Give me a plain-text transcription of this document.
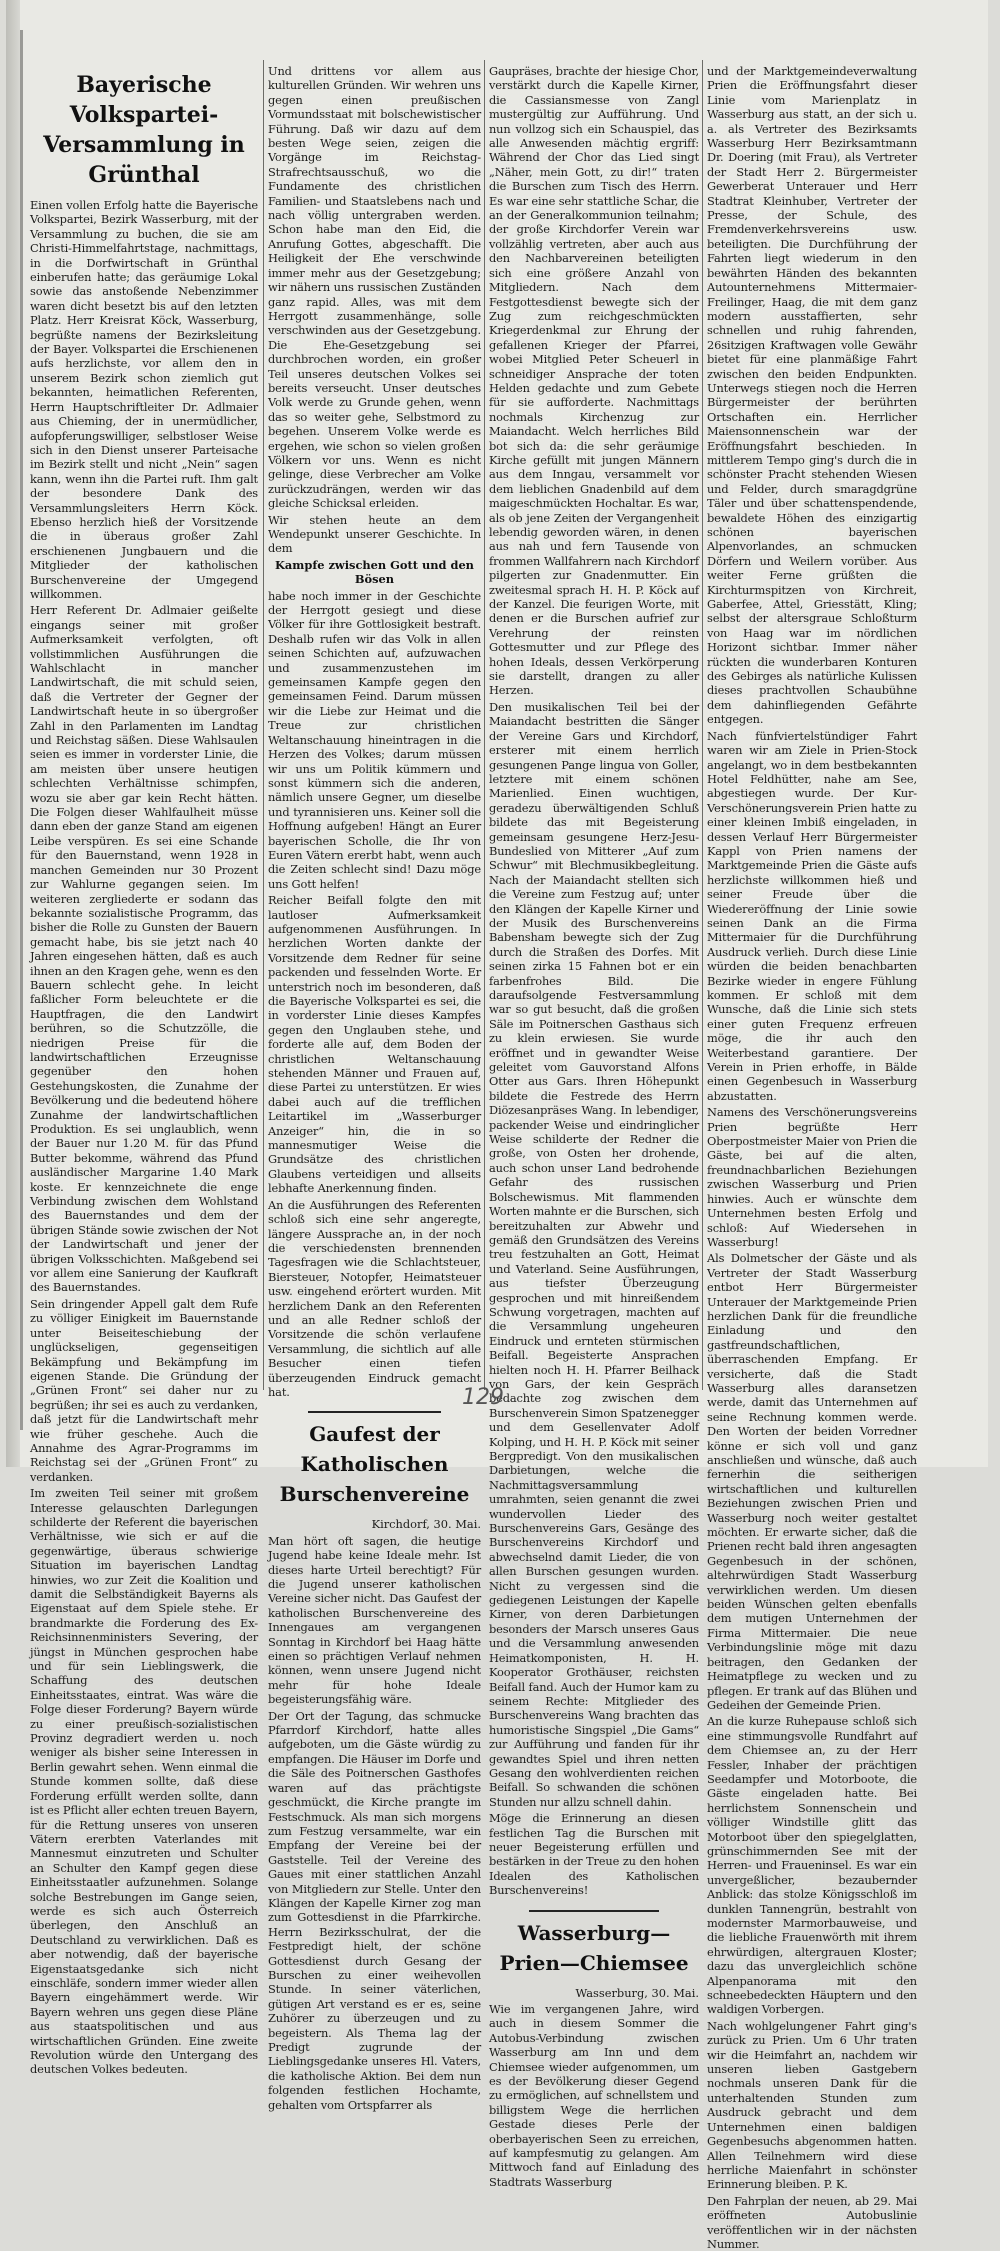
Bayerische Volkspartei-Versammlung in Grünthal

Einen vollen Erfolg hatte die Bayerische Volkspartei, Bezirk Wasserburg, mit der Versammlung zu buchen, die sie am Christi-Himmelfahrtstage, nachmittags, in die Dorfwirtschaft in Grünthal einberufen hatte; das geräumige Lokal sowie das anstoßende Nebenzimmer waren dicht besetzt bis auf den letzten Platz. Herr Kreisrat Köck, Wasserburg, begrüßte namens der Bezirksleitung der Bayer. Volkspartei die Erschienenen aufs herzlichste, vor allem den in unserem Bezirk schon ziemlich gut bekannten, heimatlichen Referenten, Herrn Hauptschriftleiter Dr. Adlmaier aus Chieming, der in unermüdlicher, aufopferungswilliger, selbstloser Weise sich in den Dienst unserer Parteisache im Bezirk stellt und nicht „Nein“ sagen kann, wenn ihn die Partei ruft. Ihm galt der besondere Dank des Versammlungsleiters Herrn Köck. Ebenso herzlich hieß der Vorsitzende die in überaus großer Zahl erschienenen Jungbauern und die Mitglieder der katholischen Burschenvereine der Umgegend willkommen.

Herr Referent Dr. Adlmaier geißelte eingangs seiner mit großer Aufmerksamkeit verfolgten, oft vollstimmlichen Ausführungen die Wahlschlacht in mancher Landwirtschaft, die mit schuld seien, daß die Vertreter der Gegner der Landwirtschaft heute in so übergroßer Zahl in den Parlamenten im Landtag und Reichstag säßen. Diese Wahlsaulen seien es immer in vorderster Linie, die am meisten über unsere heutigen schlechten Verhältnisse schimpfen, wozu sie aber gar kein Recht hätten. Die Folgen dieser Wahlfaulheit müsse dann eben der ganze Stand am eigenen Leibe verspüren. Es sei eine Schande für den Bauernstand, wenn 1928 in manchen Gemeinden nur 30 Prozent zur Wahlurne gegangen seien. Im weiteren zergliederte er sodann das bekannte sozialistische Programm, das bisher die Rolle zu Gunsten der Bauern gemacht habe, bis sie jetzt nach 40 Jahren eingesehen hätten, daß es auch ihnen an den Kragen gehe, wenn es den Bauern schlecht gehe. In leicht faßlicher Form beleuchtete er die Hauptfragen, die den Landwirt berühren, so die Schutzzölle, die niedrigen Preise für die landwirtschaftlichen Erzeugnisse gegenüber den hohen Gestehungskosten, die Zunahme der Bevölkerung und die bedeutend höhere Zunahme der landwirtschaftlichen Produktion. Es sei unglaublich, wenn der Bauer nur 1.20 M. für das Pfund Butter bekomme, während das Pfund ausländischer Margarine 1.40 Mark koste. Er kennzeichnete die enge Verbindung zwischen dem Wohlstand des Bauernstandes und dem der übrigen Stände sowie zwischen der Not der Landwirtschaft und jener der übrigen Volksschichten. Maßgebend sei vor allem eine Sanierung der Kaufkraft des Bauernstandes.

Sein dringender Appell galt dem Rufe zu völliger Einigkeit im Bauernstande unter Beiseiteschiebung der unglückseligen, gegenseitigen Bekämpfung und Bekämpfung im eigenen Stande. Die Gründung der „Grünen Front“ sei daher nur zu begrüßen; ihr sei es auch zu verdanken, daß jetzt für die Landwirtschaft mehr wie früher geschehe. Auch die Annahme des Agrar-Programms im Reichstag sei der „Grünen Front“ zu verdanken.

Im zweiten Teil seiner mit großem Interesse gelauschten Darlegungen schilderte der Referent die bayerischen Verhältnisse, wie sich er auf die gegenwärtige, überaus schwierige Situation im bayerischen Landtag hinwies, wo zur Zeit die Koalition und damit die Selbständigkeit Bayerns als Eigenstaat auf dem Spiele stehe. Er brandmarkte die Forderung des Ex-Reichsinnenministers Severing, der jüngst in München gesprochen habe und für sein Lieblingswerk, die Schaffung des deutschen Einheitsstaates, eintrat. Was wäre die Folge dieser Forderung? Bayern würde zu einer preußisch-sozialistischen Provinz degradiert werden u. noch weniger als bisher seine Interessen in Berlin gewahrt sehen. Wenn einmal die Stunde kommen sollte, daß diese Forderung erfüllt werden sollte, dann ist es Pflicht aller echten treuen Bayern, für die Rettung unseres von unseren Vätern ererbten Vaterlandes mit Mannesmut einzutreten und Schulter an Schulter den Kampf gegen diese Einheitsstaatler aufzunehmen. Solange solche Bestrebungen im Gange seien, werde es sich auch Österreich überlegen, den Anschluß an Deutschland zu verwirklichen. Daß es aber notwendig, daß der bayerische Eigenstaatsgedanke sich nicht einschläfe, sondern immer wieder allen Bayern eingehämmert werde. Wir Bayern wehren uns gegen diese Pläne aus staatspolitischen und aus wirtschaftlichen Gründen. Eine zweite Revolution würde den Untergang des deutschen Volkes bedeuten.

Und drittens vor allem aus kulturellen Gründen. Wir wehren uns gegen einen preußischen Vormundsstaat mit bolschewistischer Führung. Daß wir dazu auf dem besten Wege seien, zeigen die Vorgänge im Reichstag-Strafrechtsausschuß, wo die Fundamente des christlichen Familien- und Staatslebens nach und nach völlig untergraben werden. Schon habe man den Eid, die Anrufung Gottes, abgeschafft. Die Heiligkeit der Ehe verschwinde immer mehr aus der Gesetzgebung; wir nähern uns russischen Zuständen ganz rapid. Alles, was mit dem Herrgott zusammenhänge, solle verschwinden aus der Gesetzgebung. Die Ehe-Gesetzgebung sei durchbrochen worden, ein großer Teil unseres deutschen Volkes sei bereits verseucht. Unser deutsches Volk werde zu Grunde gehen, wenn das so weiter gehe, Selbstmord zu begehen. Unserem Volke werde es ergehen, wie schon so vielen großen Völkern vor uns. Wenn es nicht gelinge, diese Verbrecher am Volke zurückzudrängen, werden wir das gleiche Schicksal erleiden.

Wir stehen heute an dem Wendepunkt unserer Geschichte. In dem

Kampfe zwischen Gott und den Bösen

habe noch immer in der Geschichte der Herrgott gesiegt und diese Völker für ihre Gottlosigkeit bestraft. Deshalb rufen wir das Volk in allen seinen Schichten auf, aufzuwachen und zusammenzustehen im gemeinsamen Kampfe gegen den gemeinsamen Feind. Darum müssen wir die Liebe zur Heimat und die Treue zur christlichen Weltanschauung hineintragen in die Herzen des Volkes; darum müssen wir uns um Politik kümmern und sonst kümmern sich die anderen, nämlich unsere Gegner, um dieselbe und tyrannisieren uns. Keiner soll die Hoffnung aufgeben! Hängt an Eurer bayerischen Scholle, die Ihr von Euren Vätern ererbt habt, wenn auch die Zeiten schlecht sind! Dazu möge uns Gott helfen!

Reicher Beifall folgte den mit lautloser Aufmerksamkeit aufgenommenen Ausführungen. In herzlichen Worten dankte der Vorsitzende dem Redner für seine packenden und fesselnden Worte. Er unterstrich noch im besonderen, daß die Bayerische Volkspartei es sei, die in vorderster Linie dieses Kampfes gegen den Unglauben stehe, und forderte alle auf, dem Boden der christlichen Weltanschauung stehenden Männer und Frauen auf, diese Partei zu unterstützen. Er wies dabei auch auf die trefflichen Leitartikel im „Wasserburger Anzeiger“ hin, die in so mannesmutiger Weise die Grundsätze des christlichen Glaubens verteidigen und allseits lebhafte Anerkennung finden.

An die Ausführungen des Referenten schloß sich eine sehr angeregte, längere Aussprache an, in der noch die verschiedensten brennenden Tagesfragen wie die Schlachtsteuer, Biersteuer, Notopfer, Heimatsteuer usw. eingehend erörtert wurden. Mit herzlichem Dank an den Referenten und an alle Redner schloß der Vorsitzende die schön verlaufene Versammlung, die sichtlich auf alle Besucher einen tiefen überzeugenden Eindruck gemacht hat.

Gaufest der Katholischen Burschenvereine
Kirchdorf, 30. Mai.

Man hört oft sagen, die heutige Jugend habe keine Ideale mehr. Ist dieses harte Urteil berechtigt? Für die Jugend unserer katholischen Vereine sicher nicht. Das Gaufest der katholischen Burschenvereine des Innengaues am vergangenen Sonntag in Kirchdorf bei Haag hätte einen so prächtigen Verlauf nehmen können, wenn unsere Jugend nicht mehr für hohe Ideale begeisterungsfähig wäre.

Der Ort der Tagung, das schmucke Pfarrdorf Kirchdorf, hatte alles aufgeboten, um die Gäste würdig zu empfangen. Die Häuser im Dorfe und die Säle des Poitnerschen Gasthofes waren auf das prächtigste geschmückt, die Kirche prangte im Festschmuck. Als man sich morgens zum Festzug versammelte, war ein Empfang der Vereine bei der Gaststelle. Teil der Vereine des Gaues mit einer stattlichen Anzahl von Mitgliedern zur Stelle. Unter den Klängen der Kapelle Kirner zog man zum Gottesdienst in die Pfarrkirche. Herrn Bezirksschulrat, der die Festpredigt hielt, der schöne Gottesdienst durch Gesang der Burschen zu einer weihevollen Stunde. In seiner väterlichen, gütigen Art verstand es er es, seine Zuhörer zu überzeugen und zu begeistern. Als Thema lag der Predigt zugrunde der Lieblingsgedanke unseres Hl. Vaters, die katholische Aktion. Bei dem nun folgenden festlichen Hochamte, gehalten vom Ortspfarrer als

Gaupräses, brachte der hiesige Chor, verstärkt durch die Kapelle Kirner, die Cassiansmesse von Zangl mustergültig zur Aufführung. Und nun vollzog sich ein Schauspiel, das alle Anwesenden mächtig ergriff: Während der Chor das Lied singt „Näher, mein Gott, zu dir!“ traten die Burschen zum Tisch des Herrn. Es war eine sehr stattliche Schar, die an der Generalkommunion teilnahm; der große Kirchdorfer Verein war vollzählig vertreten, aber auch aus den Nachbarvereinen beteiligten sich eine größere Anzahl von Mitgliedern. Nach dem Festgottesdienst bewegte sich der Zug zum reichgeschmückten Kriegerdenkmal zur Ehrung der gefallenen Krieger der Pfarrei, wobei Mitglied Peter Scheuerl in schneidiger Ansprache der toten Helden gedachte und zum Gebete für sie aufforderte. Nachmittags nochmals Kirchenzug zur Maiandacht. Welch herrliches Bild bot sich da: die sehr geräumige Kirche gefüllt mit jungen Männern aus dem Inngau, versammelt vor dem lieblichen Gnadenbild auf dem maigeschmückten Hochaltar. Es war, als ob jene Zeiten der Vergangenheit lebendig geworden wären, in denen aus nah und fern Tausende von frommen Wallfahrern nach Kirchdorf pilgerten zur Gnadenmutter. Ein zweitesmal sprach H. H. P. Köck auf der Kanzel. Die feurigen Worte, mit denen er die Burschen aufrief zur Verehrung der reinsten Gottesmutter und zur Pflege des hohen Ideals, dessen Verkörperung sie darstellt, drangen zu aller Herzen.

Den musikalischen Teil bei der Maiandacht bestritten die Sänger der Vereine Gars und Kirchdorf, ersterer mit einem herrlich gesungenen Pange lingua von Goller, letztere mit einem schönen Marienlied. Einen wuchtigen, geradezu überwältigenden Schluß bildete das mit Begeisterung gemeinsam gesungene Herz-Jesu-Bundeslied von Mitterer „Auf zum Schwur“ mit Blechmusikbegleitung. Nach der Maiandacht stellten sich die Vereine zum Festzug auf; unter den Klängen der Kapelle Kirner und der Musik des Burschenvereins Babensham bewegte sich der Zug durch die Straßen des Dorfes. Mit seinen zirka 15 Fahnen bot er ein farbenfrohes Bild. Die daraufsolgende Festversammlung war so gut besucht, daß die großen Säle im Poitnerschen Gasthaus sich zu klein erwiesen. Sie wurde eröffnet und in gewandter Weise geleitet vom Gauvorstand Alfons Otter aus Gars. Ihren Höhepunkt bildete die Festrede des Herrn Diözesanpräses Wang. In lebendiger, packender Weise und eindringlicher Weise schilderte der Redner die große, von Osten her drohende, auch schon unser Land bedrohende Gefahr des russischen Bolschewismus. Mit flammenden Worten mahnte er die Burschen, sich bereitzuhalten zur Abwehr und gemäß den Grundsätzen des Vereins treu festzuhalten an Gott, Heimat und Vaterland. Seine Ausführungen, aus tiefster Überzeugung gesprochen und mit hinreißendem Schwung vorgetragen, machten auf die Versammlung ungeheuren Eindruck und ernteten stürmischen Beifall. Begeisterte Ansprachen hielten noch H. H. Pfarrer Beilhack von Gars, der kein Gespräch bedachte zog zwischen dem Burschenverein Simon Spatzenegger und dem Gesellenvater Adolf Kolping, und H. H. P. Köck mit seiner Bergpredigt. Von den musikalischen Darbietungen, welche die Nachmittagsversammlung umrahmten, seien genannt die zwei wundervollen Lieder des Burschenvereins Gars, Gesänge des Burschenvereins Kirchdorf und abwechselnd damit Lieder, die von allen Burschen gesungen wurden. Nicht zu vergessen sind die gediegenen Leistungen der Kapelle Kirner, von deren Darbietungen besonders der Marsch unseres Gaus und die Versammlung anwesenden Heimatkomponisten, H. H. Kooperator Grothäuser, reichsten Beifall fand. Auch der Humor kam zu seinem Rechte: Mitglieder des Burschenvereins Wang brachten das humoristische Singspiel „Die Gams“ zur Aufführung und fanden für ihr gewandtes Spiel und ihren netten Gesang den wohlverdienten reichen Beifall. So schwanden die schönen Stunden nur allzu schnell dahin.

Möge die Erinnerung an diesen festlichen Tag die Burschen mit neuer Begeisterung erfüllen und bestärken in der Treue zu den hohen Idealen des Katholischen Burschenvereins!

Wasserburg—Prien—Chiemsee
Wasserburg, 30. Mai.

Wie im vergangenen Jahre, wird auch in diesem Sommer die Autobus-Verbindung zwischen Wasserburg am Inn und dem Chiemsee wieder aufgenommen, um es der Bevölkerung dieser Gegend zu ermöglichen, auf schnellstem und billigstem Wege die herrlichen Gestade dieses Perle der oberbayerischen Seen zu erreichen, auf kampfesmutig zu gelangen. Am Mittwoch fand auf Einladung des Stadtrats Wasserburg

und der Marktgemeindeverwaltung Prien die Eröffnungsfahrt dieser Linie vom Marienplatz in Wasserburg aus statt, an der sich u. a. als Vertreter des Bezirksamts Wasserburg Herr Bezirksamtmann Dr. Doering (mit Frau), als Vertreter der Stadt Herr 2. Bürgermeister Gewerberat Unterauer und Herr Stadtrat Kleinhuber, Vertreter der Presse, der Schule, des Fremdenverkehrsvereins usw. beteiligten. Die Durchführung der Fahrten liegt wiederum in den bewährten Händen des bekannten Autounternehmens Mittermaier-Freilinger, Haag, die mit dem ganz modern ausstaffierten, sehr schnellen und ruhig fahrenden, 26sitzigen Kraftwagen volle Gewähr bietet für eine planmäßige Fahrt zwischen den beiden Endpunkten. Unterwegs stiegen noch die Herren Bürgermeister der berührten Ortschaften ein. Herrlicher Maiensonnenschein war der Eröffnungsfahrt beschieden. In mittlerem Tempo ging's durch die in schönster Pracht stehenden Wiesen und Felder, durch smaragdgrüne Täler und über schattenspendende, bewaldete Höhen des einzigartig schönen bayerischen Alpenvorlandes, an schmucken Dörfern und Weilern vorüber. Aus weiter Ferne grüßten die Kirchturmspitzen von Kirchreit, Gaberfee, Attel, Griesstätt, Kling; selbst der altersgraue Schloßturm von Haag war im nördlichen Horizont sichtbar. Immer näher rückten die wunderbaren Konturen des Gebirges als natürliche Kulissen dieses prachtvollen Schaubühne dem dahinfliegenden Gefährte entgegen.

Nach fünfviertelstündiger Fahrt waren wir am Ziele in Prien-Stock angelangt, wo in dem bestbekannten Hotel Feldhütter, nahe am See, abgestiegen wurde. Der Kur-Verschönerungsverein Prien hatte zu einer kleinen Imbiß eingeladen, in dessen Verlauf Herr Bürgermeister Kappl von Prien namens der Marktgemeinde Prien die Gäste aufs herzlichste willkommen hieß und seiner Freude über die Wiedereröffnung der Linie sowie seinen Dank an die Firma Mittermaier für die Durchführung Ausdruck verlieh. Durch diese Linie würden die beiden benachbarten Bezirke wieder in engere Fühlung kommen. Er schloß mit dem Wunsche, daß die Linie sich stets einer guten Frequenz erfreuen möge, die ihr auch den Weiterbestand garantiere. Der Verein in Prien erhoffe, in Bälde einen Gegenbesuch in Wasserburg abzustatten.

Namens des Verschönerungsvereins Prien begrüßte Herr Oberpostmeister Maier von Prien die Gäste, bei auf die alten, freundnachbarlichen Beziehungen zwischen Wasserburg und Prien hinwies. Auch er wünschte dem Unternehmen besten Erfolg und schloß: Auf Wiedersehen in Wasserburg!

Als Dolmetscher der Gäste und als Vertreter der Stadt Wasserburg entbot Herr Bürgermeister Unterauer der Marktgemeinde Prien herzlichen Dank für die freundliche Einladung und den gastfreundschaftlichen, überraschenden Empfang. Er versicherte, daß die Stadt Wasserburg alles daransetzen werde, damit das Unternehmen auf seine Rechnung kommen werde. Den Worten der beiden Vorredner könne er sich voll und ganz anschließen und wünsche, daß auch fernerhin die seitherigen wirtschaftlichen und kulturellen Beziehungen zwischen Prien und Wasserburg noch weiter gestaltet möchten. Er erwarte sicher, daß die Prienen recht bald ihren angesagten Gegenbesuch in der schönen, altehrwürdigen Stadt Wasserburg verwirklichen werden. Um diesen beiden Wünschen gelten ebenfalls dem mutigen Unternehmen der Firma Mittermaier. Die neue Verbindungslinie möge mit dazu beitragen, den Gedanken der Heimatpflege zu wecken und zu pflegen. Er trank auf das Blühen und Gedeihen der Gemeinde Prien.

An die kurze Ruhepause schloß sich eine stimmungsvolle Rundfahrt auf dem Chiemsee an, zu der Herr Fessler, Inhaber der prächtigen Seedampfer und Motorboote, die Gäste eingeladen hatte. Bei herrlichstem Sonnenschein und völliger Windstille glitt das Motorboot über den spiegelglatten, grünschimmernden See mit der Herren- und Fraueninsel. Es war ein unvergeßlicher, bezaubernder Anblick: das stolze Königsschloß im dunklen Tannengrün, bestrahlt von modernster Marmorbauweise, und die liebliche Frauenwörth mit ihrem ehrwürdigen, altergrauen Kloster; dazu das unvergleichlich schöne Alpenpanorama mit den schneebedeckten Häuptern und den waldigen Vorbergen.

Nach wohlgelungener Fahrt ging's zurück zu Prien. Um 6 Uhr traten wir die Heimfahrt an, nachdem wir unseren lieben Gastgebern nochmals unseren Dank für die unterhaltenden Stunden zum Ausdruck gebracht und dem Unternehmen einen baldigen Gegenbesuchs abgenommen hatten. Allen Teilnehmern wird diese herrliche Maienfahrt in schönster Erinnerung bleiben. P. K.

Den Fahrplan der neuen, ab 29. Mai eröffneten Autobuslinie veröffentlichen wir in der nächsten Nummer.

129
